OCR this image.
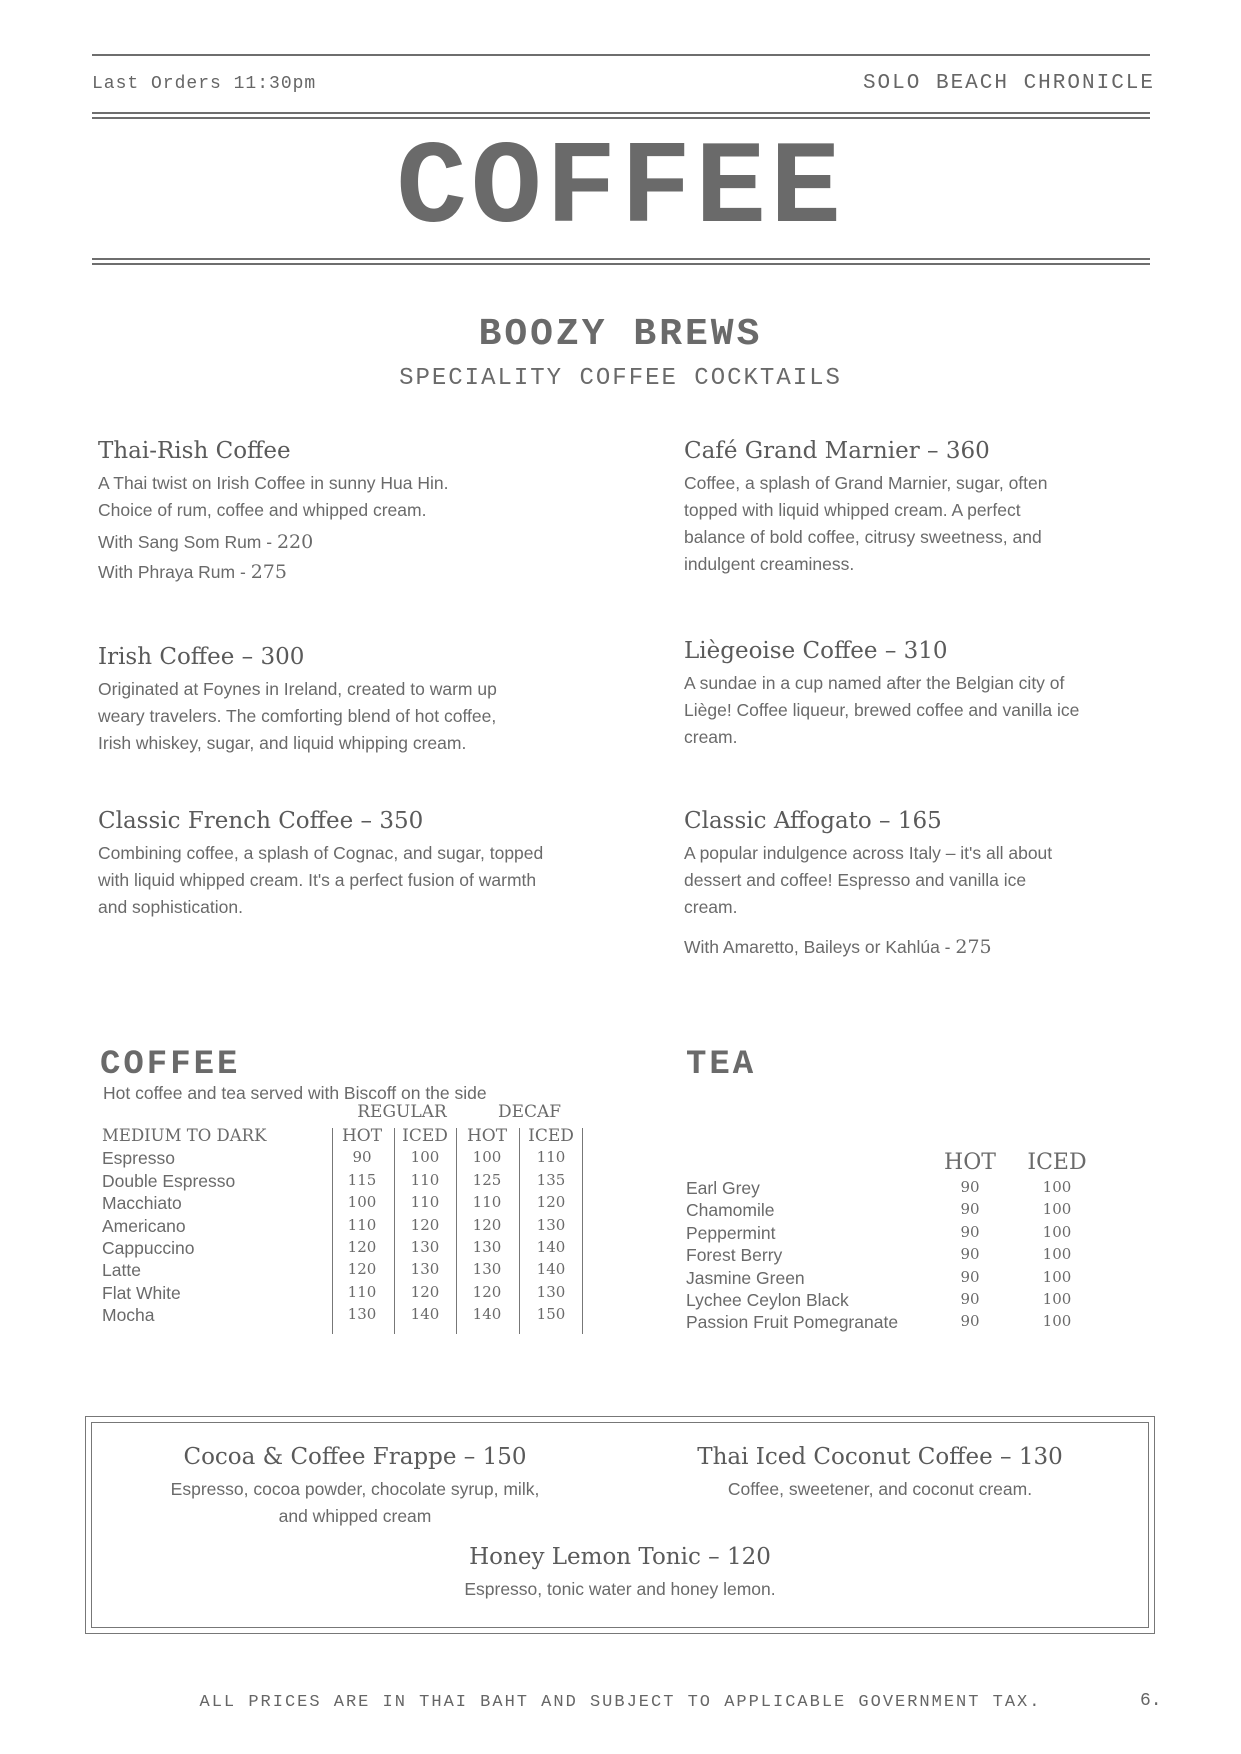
Last Orders 11:30pm	SOLO BEACH CHRONICLE
COFFEE
BOOZY BREWS
SPECIALITY COFFEE COCKTAILS
Thai-Rish Coffee
A Thai twist on Irish Coffee in sunny Hua Hin. Choice of rum, coffee and whipped cream.
With Sang Som Rum - 220
With Phraya Rum - 275
Café Grand Marnier – 360
Coffee, a splash of Grand Marnier, sugar, often topped with liquid whipped cream. A perfect balance of bold coffee, citrusy sweetness, and indulgent creaminess.
Irish Coffee – 300
Originated at Foynes in Ireland, created to warm up weary travelers. The comforting blend of hot coffee, Irish whiskey, sugar, and liquid whipping cream.
Liègeoise Coffee – 310
A sundae in a cup named after the Belgian city of Liège! Coffee liqueur, brewed coffee and vanilla ice cream.
Classic French Coffee – 350
Combining coffee, a splash of Cognac, and sugar, topped with liquid whipped cream. It's a perfect fusion of warmth and sophistication.
Classic Affogato – 165
A popular indulgence across Italy – it's all about dessert and coffee! Espresso and vanilla ice cream.
With Amaretto, Baileys or Kahlúa - 275
COFFEE
Hot coffee and tea served with Biscoff on the side
REGULAR	DECAF
MEDIUM TO DARK	HOT	ICED	HOT	ICED
Espresso	90	100	100	110
Double Espresso	115	110	125	135
Macchiato	100	110	110	120
Americano	110	120	120	130
Cappuccino	120	130	130	140
Latte	120	130	130	140
Flat White	110	120	120	130
Mocha	130	140	140	150
TEA
HOT	ICED
Earl Grey	90	100
Chamomile	90	100
Peppermint	90	100
Forest Berry	90	100
Jasmine Green	90	100
Lychee Ceylon Black	90	100
Passion Fruit Pomegranate	90	100
Cocoa & Coffee Frappe – 150
Espresso, cocoa powder, chocolate syrup, milk, and whipped cream
Thai Iced Coconut Coffee – 130
Coffee, sweetener, and coconut cream.
Honey Lemon Tonic – 120
Espresso, tonic water and honey lemon.
ALL PRICES ARE IN THAI BAHT AND SUBJECT TO APPLICABLE GOVERNMENT TAX.	6.
